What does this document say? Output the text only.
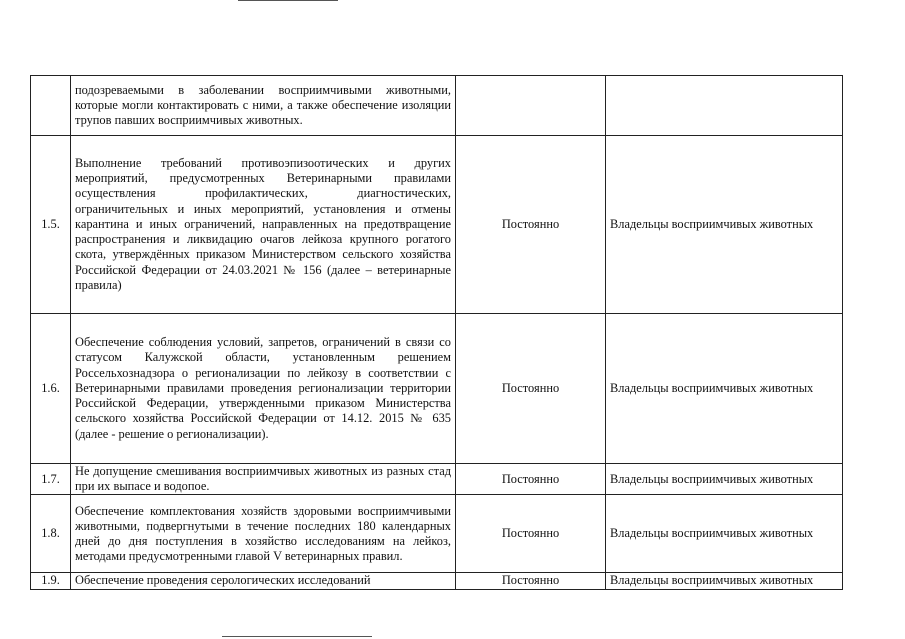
	подозреваемыми в заболевании восприимчивыми животными, которые могли контактировать с ними, а также обеспечение изоляции трупов павших восприимчивых животных.		
1.5.	Выполнение требований противоэпизоотических и других мероприятий, предусмотренных Ветеринарными правилами осуществления профилактических, диагностических, ограничительных и иных мероприятий, установления и отмены карантина и иных ограничений, направленных на предотвращение распространения и ликвидацию очагов лейкоза крупного рогатого скота, утверждённых приказом Министерством сельского хозяйства Российской Федерации от 24.03.2021 № 156 (далее – ветеринарные правила)	Постоянно	Владельцы восприимчивых животных
1.6.	Обеспечение соблюдения условий, запретов, ограничений в связи со статусом Калужской области, установленным решением Россельхознадзора о регионализации по лейкозу в соответствии с Ветеринарными правилами проведения регионализации территории Российской Федерации, утвержденными приказом Министерства сельского хозяйства Российской Федерации от 14.12. 2015 № 635 (далее - решение о регионализации).	Постоянно	Владельцы восприимчивых животных
1.7.	Не допущение смешивания восприимчивых животных из разных стад при их выпасе и водопое.	Постоянно	Владельцы восприимчивых животных
1.8.	Обеспечение комплектования хозяйств здоровыми восприимчивыми животными, подвергнутыми в течение последних 180 календарных дней до дня поступления в хозяйство исследованиям на лейкоз, методами предусмотренными главой V ветеринарных правил.	Постоянно	Владельцы восприимчивых животных

1.9.	Обеспечение проведения серологических исследований	Постоянно	Владельцы восприимчивых животных
